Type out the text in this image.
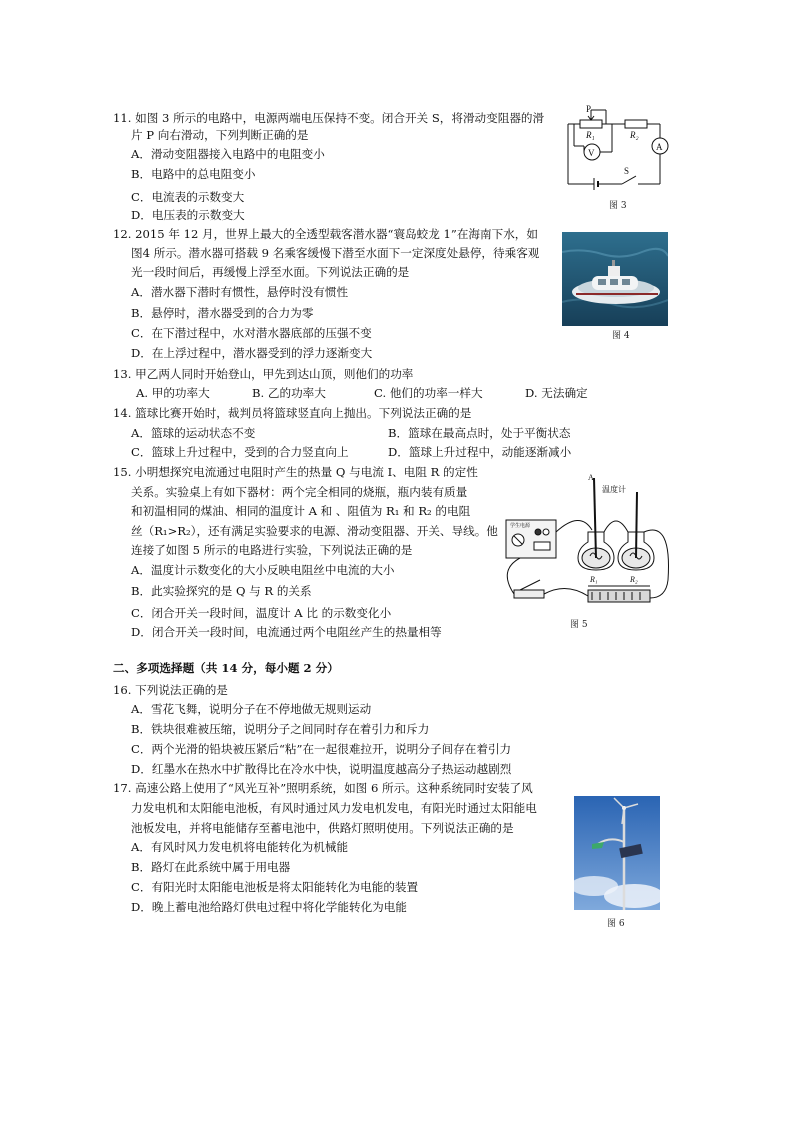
11. 如图 3 所示的电路中，电源两端电压保持不变。闭合开关 S，将滑动变阻器的滑
片 P 向右滑动，下列判断正确的是
A．滑动变阻器接入电路中的电阻变小
B．电路中的总电阻变小
C．电流表的示数变大
D．电压表的示数变大
P
R₁	R₂
V
A
S
图 3
12. 2015 年 12 月，世界上最大的全透型载客潜水器“寰岛蛟龙 1”在海南下水，如
图4 所示。潜水器可搭载 9 名乘客缓慢下潜至水面下一定深度处悬停，待乘客观
光一段时间后，再缓慢上浮至水面。下列说法正确的是
A．潜水器下潜时有惯性，悬停时没有惯性
B．悬停时，潜水器受到的合力为零
C．在下潜过程中，水对潜水器底部的压强不变
D．在上浮过程中，潜水器受到的浮力逐渐变大
图 4
13. 甲乙两人同时开始登山，甲先到达山顶，则他们的功率
A. 甲的功率大	B. 乙的功率大	C. 他们的功率一样大	D. 无法确定
14. 篮球比赛开始时，裁判员将篮球竖直向上抛出。下列说法正确的是
A．篮球的运动状态不变	B．篮球在最高点时，处于平衡状态
C．篮球上升过程中，受到的合力竖直向上	D．篮球上升过程中，动能逐渐减小
15. 小明想探究电流通过电阻时产生的热量 Q 与电流 I、电阻 R 的定性
关系。实验桌上有如下器材：两个完全相同的烧瓶，瓶内装有质量
和初温相同的煤油、相同的温度计 A 和 、阻值为 R₁ 和 R₂ 的电阻
丝（R₁>R₂），还有满足实验要求的电源、滑动变阻器、开关、导线。他
连接了如图 5 所示的电路进行实验，下列说法正确的是
A．温度计示数变化的大小反映电阻丝中电流的大小
B．此实验探究的是 Q 与 R 的关系
C．闭合开关一段时间，温度计 A 比 的示数变化小
D．闭合开关一段时间，电流通过两个电阻丝产生的热量相等
A
温度计
R₁	R₂
学生电源
图 5
二、多项选择题（共 14 分，每小题 2 分）
16. 下列说法正确的是
A．雪花飞舞，说明分子在不停地做无规则运动
B．铁块很难被压缩，说明分子之间同时存在着引力和斥力
C．两个光滑的铅块被压紧后“粘”在一起很难拉开，说明分子间存在着引力
D．红墨水在热水中扩散得比在冷水中快，说明温度越高分子热运动越剧烈
17. 高速公路上使用了“风光互补”照明系统，如图 6 所示。这种系统同时安装了风
力发电机和太阳能电池板，有风时通过风力发电机发电，有阳光时通过太阳能电
池板发电，并将电能储存至蓄电池中，供路灯照明使用。下列说法正确的是
A．有风时风力发电机将电能转化为机械能
B．路灯在此系统中属于用电器
C．有阳光时太阳能电池板是将太阳能转化为电能的装置
D．晚上蓄电池给路灯供电过程中将化学能转化为电能
图 6
